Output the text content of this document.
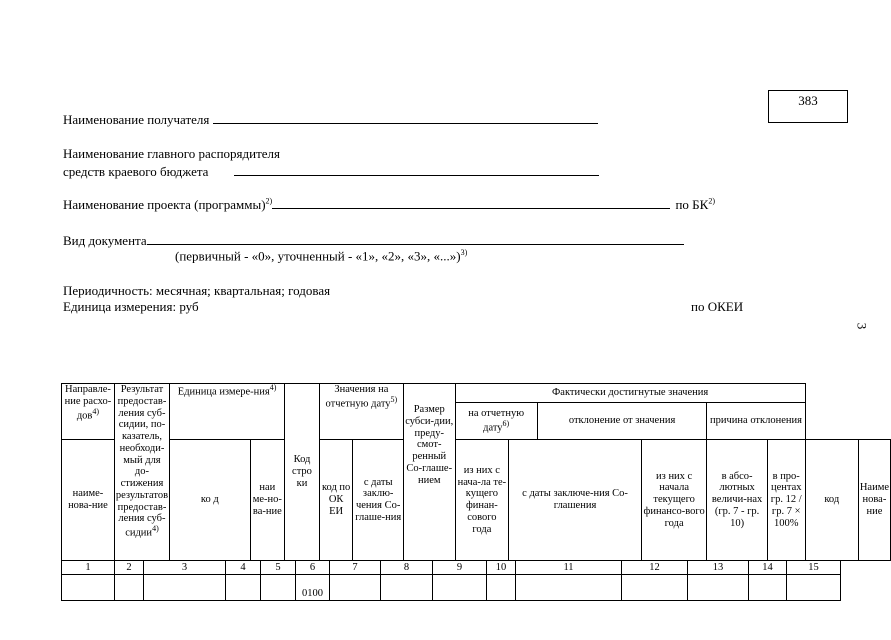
383
3
Наименование получателя
Наименование главного распорядителя
средств краевого бюджета
Наименование проекта (программы)$^{2)}$	по БК$^{2)}$
Вид документа
(первичный - «0», уточненный - «1», «2», «3», «...»)$^{3)}$
Периодичность: месячная; квартальная; годовая
Единица измерения: руб	по ОКЕИ
Направле-ние расхо-дов$^{4)}$	Результат предостав-ления суб-сидии, по-казатель, необходи-мый для до-стижения результатов предостав-ления суб-сидии$^{4)}$	Единица измере-ния$^{4)}$		Код стро ки	Значения на отчетную дату$^{5)}$		Размер субси-дии, преду-смот-ренный Со-глаше-нием	Фактически достигнутые значения							
								на отчетную дату$^{6)}$		отклонение от значения		причина отклонения			
наиме-нова-ние		ко д	наи ме-но-ва-ние		код по ОК ЕИ	с даты заклю-чения Со-глаше-ния		из них с нача-ла те-кущего финан-сового года	с даты заключе-ния Со-глашения		из них с начала текущего финансо-вого года	в абсо-лютных величи-нах (гр. 7 - гр. 10)	в про-центах гр. 12 / гр. 7 × 100%	код	Наиме нова-ние
1	2	3	4	5	6	7	8	9	10	11	12	13	14	15
					0100									
